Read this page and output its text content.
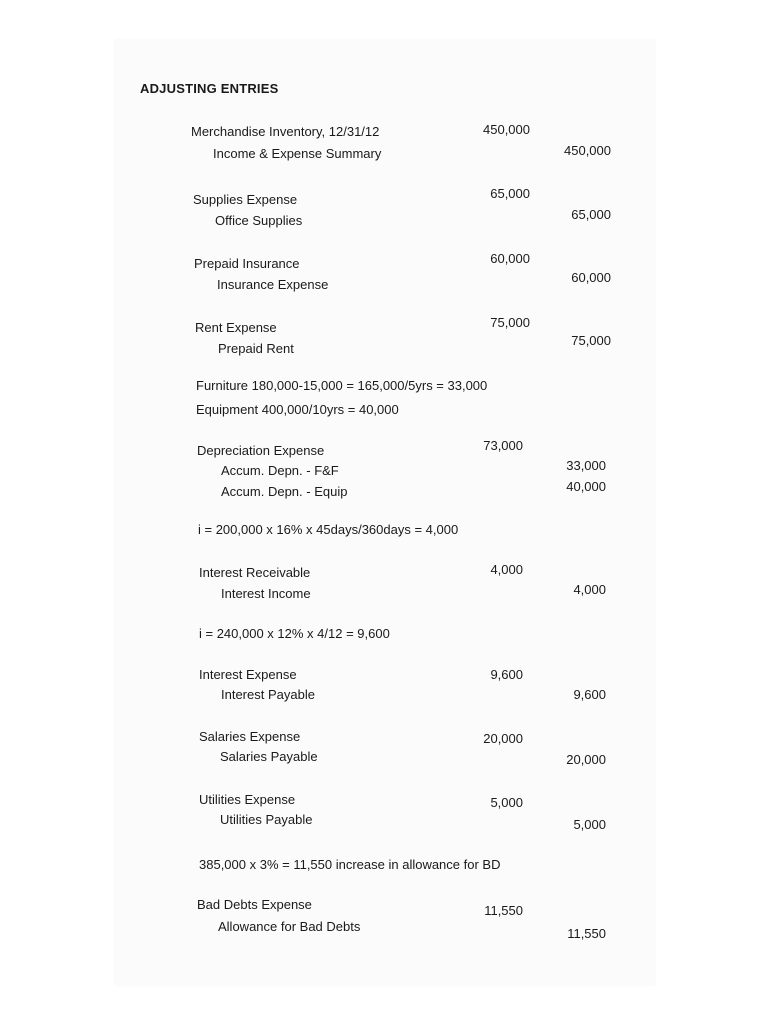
ADJUSTING ENTRIES
Merchandise Inventory, 12/31/12
Income & Expense Summary
450,000
450,000
Supplies Expense
Office Supplies
65,000
65,000
Prepaid Insurance
Insurance Expense
60,000
60,000
Rent Expense
Prepaid Rent
75,000
75,000
Furniture 180,000-15,000 = 165,000/5yrs = 33,000
Equipment 400,000/10yrs = 40,000
Depreciation Expense
Accum. Depn. - F&F
Accum. Depn. - Equip
73,000
33,000
40,000
i = 200,000 x 16% x 45days/360days = 4,000
Interest Receivable
Interest Income
4,000
4,000
i = 240,000 x 12% x 4/12 = 9,600
Interest Expense
Interest Payable
9,600
9,600
Salaries Expense
Salaries Payable
20,000
20,000
Utilities Expense
Utilities Payable
5,000
5,000
385,000 x 3% = 11,550 increase in allowance for BD
Bad Debts Expense
Allowance for Bad Debts
11,550
11,550
